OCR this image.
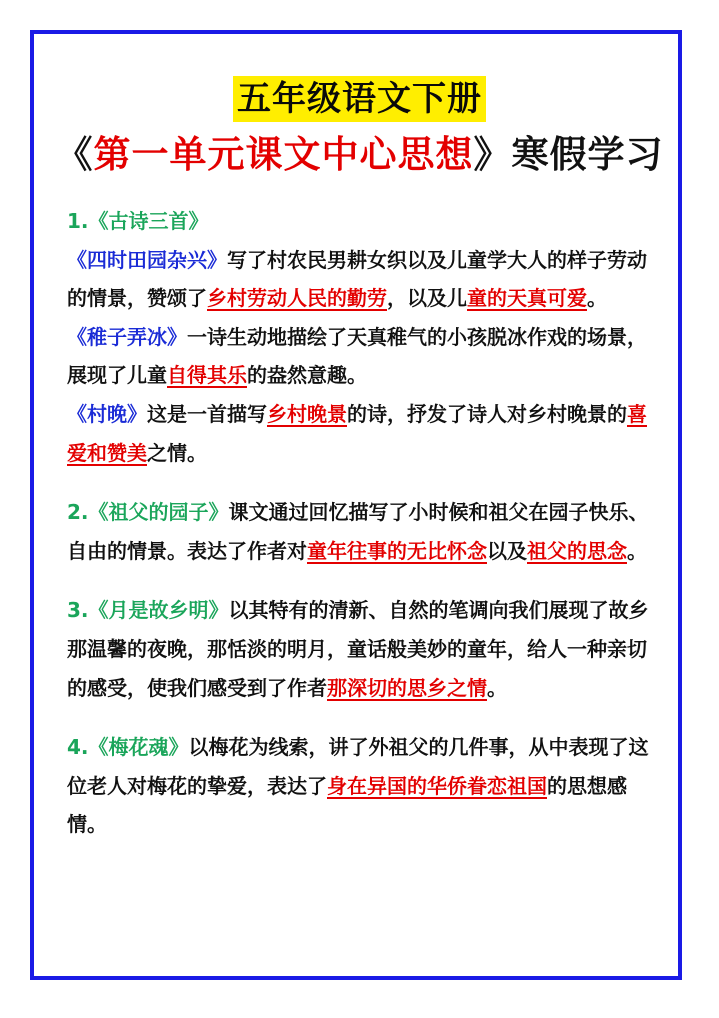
五年级语文下册
《第一单元课文中心思想》寒假学习

1.《古诗三首》

《四时田园杂兴》写了村农民男耕女织以及儿童学大人的样子劳动的情景，赞颂了乡村劳动人民的勤劳，以及儿童的天真可爱。

《稚子弄冰》一诗生动地描绘了天真稚气的小孩脱冰作戏的场景，展现了儿童自得其乐的盎然意趣。

《村晚》这是一首描写乡村晚景的诗，抒发了诗人对乡村晚景的喜爱和赞美之情。

2.《祖父的园子》课文通过回忆描写了小时候和祖父在园子快乐、自由的情景。表达了作者对童年往事的无比怀念以及祖父的思念。

3.《月是故乡明》以其特有的清新、自然的笔调向我们展现了故乡那温馨的夜晚，那恬淡的明月，童话般美妙的童年，给人一种亲切的感受，使我们感受到了作者那深切的思乡之情。

4.《梅花魂》以梅花为线索，讲了外祖父的几件事，从中表现了这位老人对梅花的挚爱，表达了身在异国的华侨眷恋祖国的思想感情。
